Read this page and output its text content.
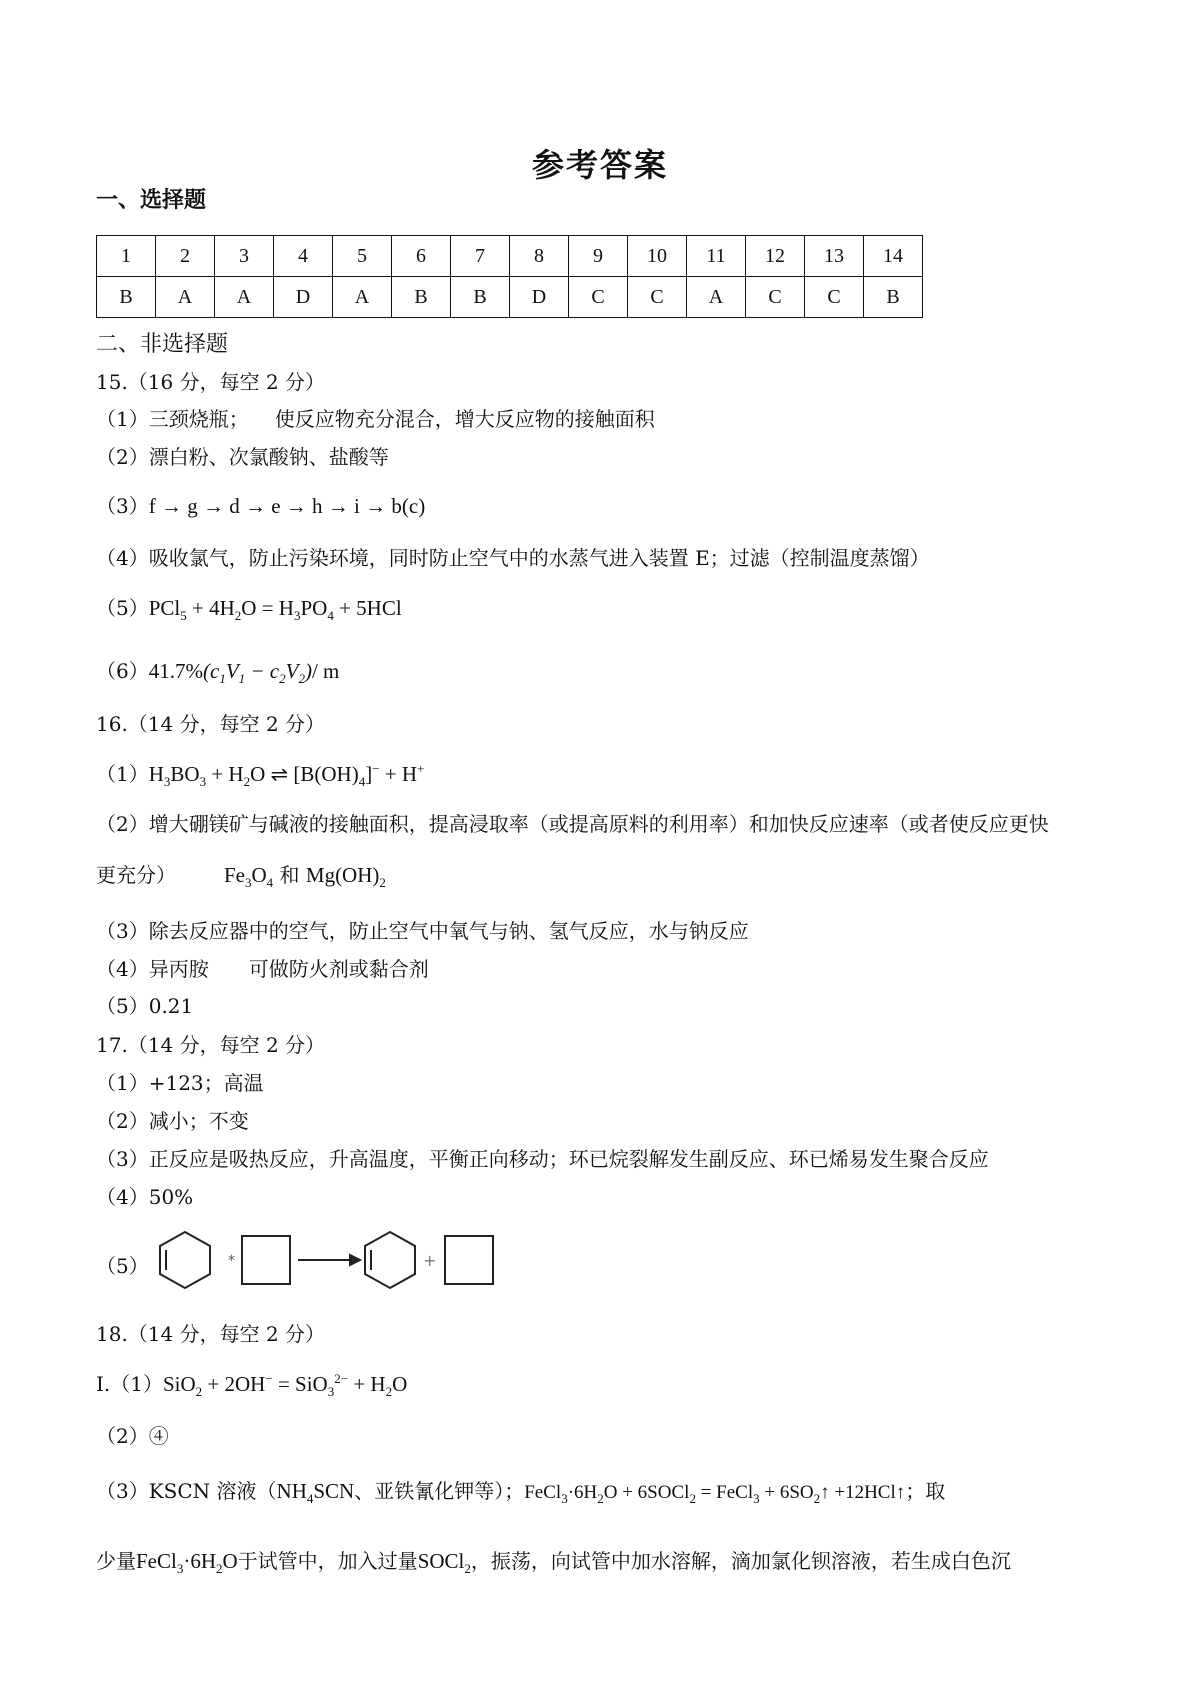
参考答案
一、选择题
1	2	3	4	5	6	7	8	9	10	11	12	13	14
B	A	A	D	A	B	B	D	C	C	A	C	C	B
二、非选择题
15.（16 分，每空 2 分）
（1）三颈烧瓶； 使反应物充分混合，增大反应物的接触面积
（2）漂白粉、次氯酸钠、盐酸等
（3）f → g → d → e → h → i → b(c)
（4）吸收氯气，防止污染环境，同时防止空气中的水蒸气进入装置 E；过滤（控制温度蒸馏）
$(5)PCl_5 + 4H_2O = H_3PO_4 + 5HCl$
$(6)41.7\%(c_1V_1 - c_2V_2)/$ m
16.（14 分，每空 2 分）
$(1)H_3BO_3 + H_2O$ ⇌ $[B(OH)_4]^- + H^+$
（2）增大硼镁矿与碱液的接触面积，提高浸取率（或提高原料的利用率）和加快反应速率（或者使反应更快
更充分） $Fe_3O_4$ 和 $Mg(OH)_2$
（3）除去反应器中的空气，防止空气中氧气与钠、氢气反应，水与钠反应
（4）异丙胺 可做防火剂或黏合剂
（5）0.21
17.（14 分，每空 2 分）
（1）+123；高温
（2）减小；不变
（3）正反应是吸热反应，升高温度，平衡正向移动；环已烷裂解发生副反应、环已烯易发生聚合反应
（4）50%
（5）	*	+
18.（14 分，每空 2 分）
Ⅰ.（1）SiO$_2$ + $2OH^- = SiO_3^{2-} + H_2O$
（2）④
（3）KSCN 溶液（$NH_4SCN$、亚铁氰化钾等）；$FeCl_3\cdot 6H_2O$ + 6SOCl$_2$ = FeCl$_3$ + $6SO_2↑$ +12HCl↑；取
少量$FeCl_3\cdot 6H_2O$于试管中，加入过量SOCl$_2$，振荡，向试管中加水溶解，滴加氯化钡溶液，若生成白色沉
